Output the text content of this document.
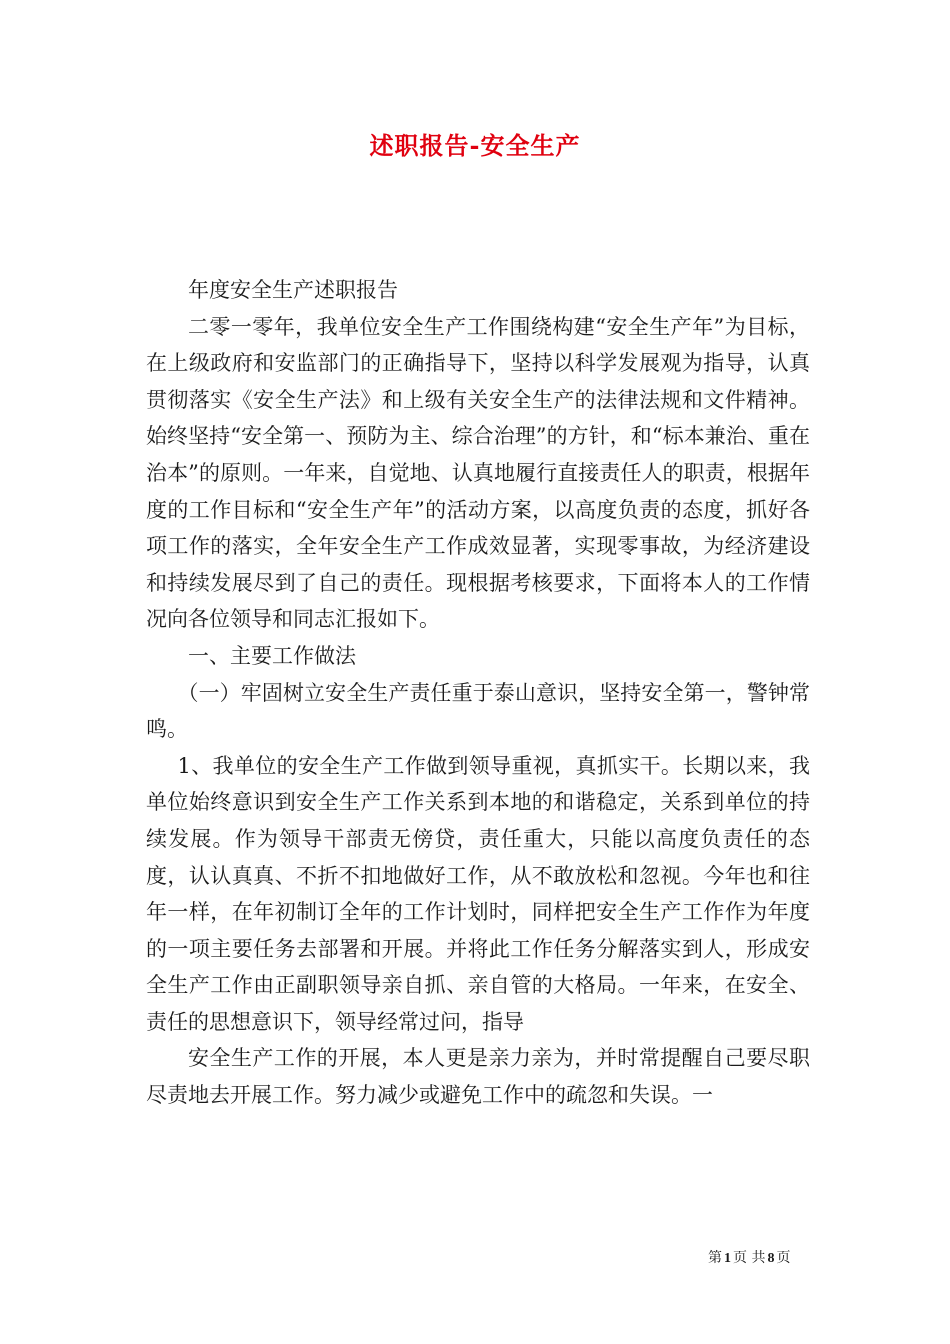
述职报告-安全生产

年度安全生产述职报告

二零一零年，我单位安全生产工作围绕构建“安全生产年”为目标，在上级政府和安监部门的正确指导下，坚持以科学发展观为指导，认真贯彻落实《安全生产法》和上级有关安全生产的法律法规和文件精神。始终坚持“安全第一、预防为主、综合治理”的方针，和“标本兼治、重在治本”的原则。一年来，自觉地、认真地履行直接责任人的职责，根据年度的工作目标和“安全生产年”的活动方案，以高度负责的态度，抓好各项工作的落实，全年安全生产工作成效显著，实现零事故，为经济建设和持续发展尽到了自己的责任。现根据考核要求，下面将本人的工作情况向各位领导和同志汇报如下。

一、主要工作做法

（一）牢固树立安全生产责任重于泰山意识，坚持安全第一，警钟常鸣。

1、我单位的安全生产工作做到领导重视，真抓实干。长期以来，我单位始终意识到安全生产工作关系到本地的和谐稳定，关系到单位的持续发展。作为领导干部责无傍贷，责任重大，只能以高度负责任的态度，认认真真、不折不扣地做好工作，从不敢放松和忽视。今年也和往年一样，在年初制订全年的工作计划时，同样把安全生产工作作为年度的一项主要任务去部署和开展。并将此工作任务分解落实到人，形成安全生产工作由正副职领导亲自抓、亲自管的大格局。一年来，在安全、责任的思想意识下，领导经常过问，指导

安全生产工作的开展，本人更是亲力亲为，并时常提醒自己要尽职尽责地去开展工作。努力减少或避免工作中的疏忽和失误。一

第 1 页 共 8 页
